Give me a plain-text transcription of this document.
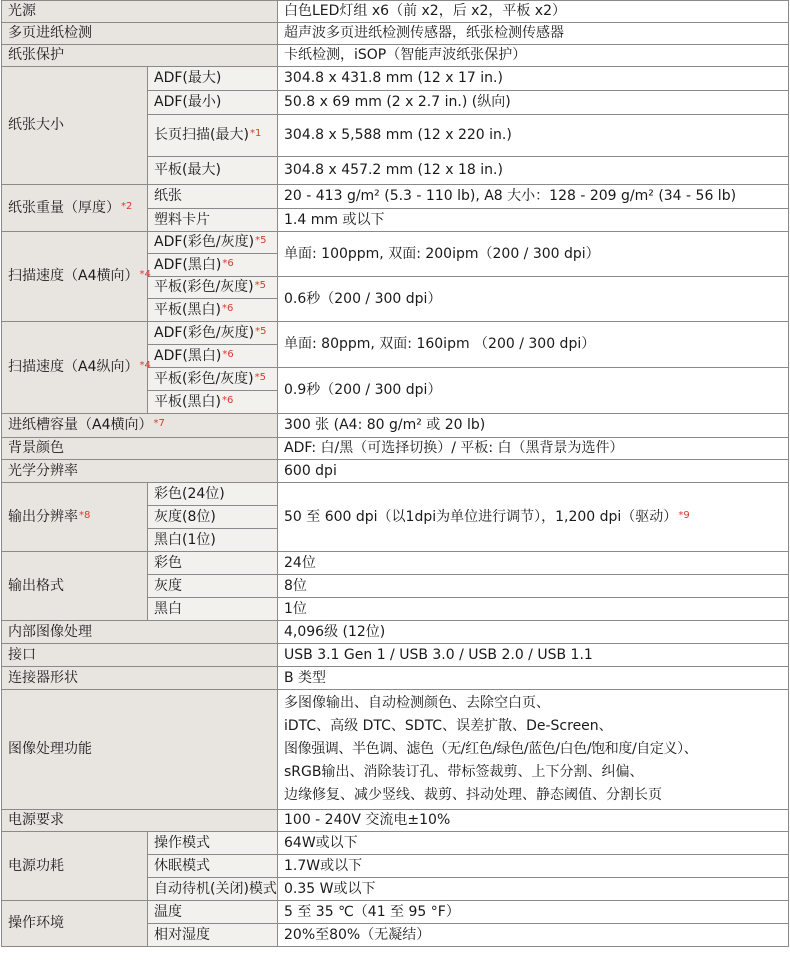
光源		白色LED灯组 x6（前 x2，后 x2，平板 x2）
多页进纸检测		超声波多页进纸检测传感器，纸张检测传感器
纸张保护		卡纸检测，iSOP（智能声波纸张保护）
纸张大小	ADF(最大)	304.8 x 431.8 mm (12 x 17 in.)
	ADF(最小)	50.8 x 69 mm (2 x 2.7 in.) (纵向)
	长页扫描(最大)$^{*1}$	304.8 x 5,588 mm (12 x 220 in.)
	平板(最大)	304.8 x 457.2 mm (12 x 18 in.)
纸张重量（厚度）$^{*2}$	纸张	20 - 413 g/m² (5.3 - 110 lb), A8 大小：128 - 209 g/m² (34 - 56 lb)
	塑料卡片	1.4 mm 或以下
扫描速度（A4横向）$^{*4}$	ADF(彩色/灰度)$^{*5}$	单面: 100ppm, 双面: 200ipm（200 / 300 dpi）
	ADF(黑白)$^{*6}$
	平板(彩色/灰度)$^{*5}$	0.6秒（200 / 300 dpi）
	平板(黑白)$^{*6}$
扫描速度（A4纵向）$^{*4}$	ADF(彩色/灰度)$^{*5}$	单面: 80ppm, 双面: 160ipm （200 / 300 dpi）
	ADF(黑白)$^{*6}$
	平板(彩色/灰度)$^{*5}$	0.9秒（200 / 300 dpi）
	平板(黑白)$^{*6}$
进纸槽容量（A4横向）$^{*7}$		300 张 (A4: 80 g/m² 或 20 lb)
背景颜色		ADF: 白/黑（可选择切换）/ 平板: 白（黑背景为选件）
光学分辨率		600 dpi
输出分辨率$^{*8}$	彩色(24位)	50 至 600 dpi（以1dpi为单位进行调节），1,200 dpi（驱动）$^{*9}$
	灰度(8位)	
	黑白(1位)	
输出格式	彩色	24位
	灰度	8位
	黑白	1位
内部图像处理		4,096级 (12位)
接口		USB 3.1 Gen 1 / USB 3.0 / USB 2.0 / USB 1.1
连接器形状		B 类型
图像处理功能		多图像输出、自动检测颜色、去除空白页、
iDTC、高级 DTC、SDTC、误差扩散、De-Screen、
图像强调、半色调、滤色（无/红色/绿色/蓝色/白色/饱和度/自定义）、
sRGB输出、消除装订孔、带标签裁剪、上下分割、纠偏、
边缘修复、减少竖线、裁剪、抖动处理、静态阈值、分割长页

电源要求		100 - 240V 交流电±10%
电源功耗	操作模式	64W或以下
	休眠模式	1.7W或以下
	自动待机(关闭)模式	0.35 W或以下
操作环境	温度	5 至 35 ℃（41 至 95 °F）
	相对湿度	20%至80%（无凝结）
